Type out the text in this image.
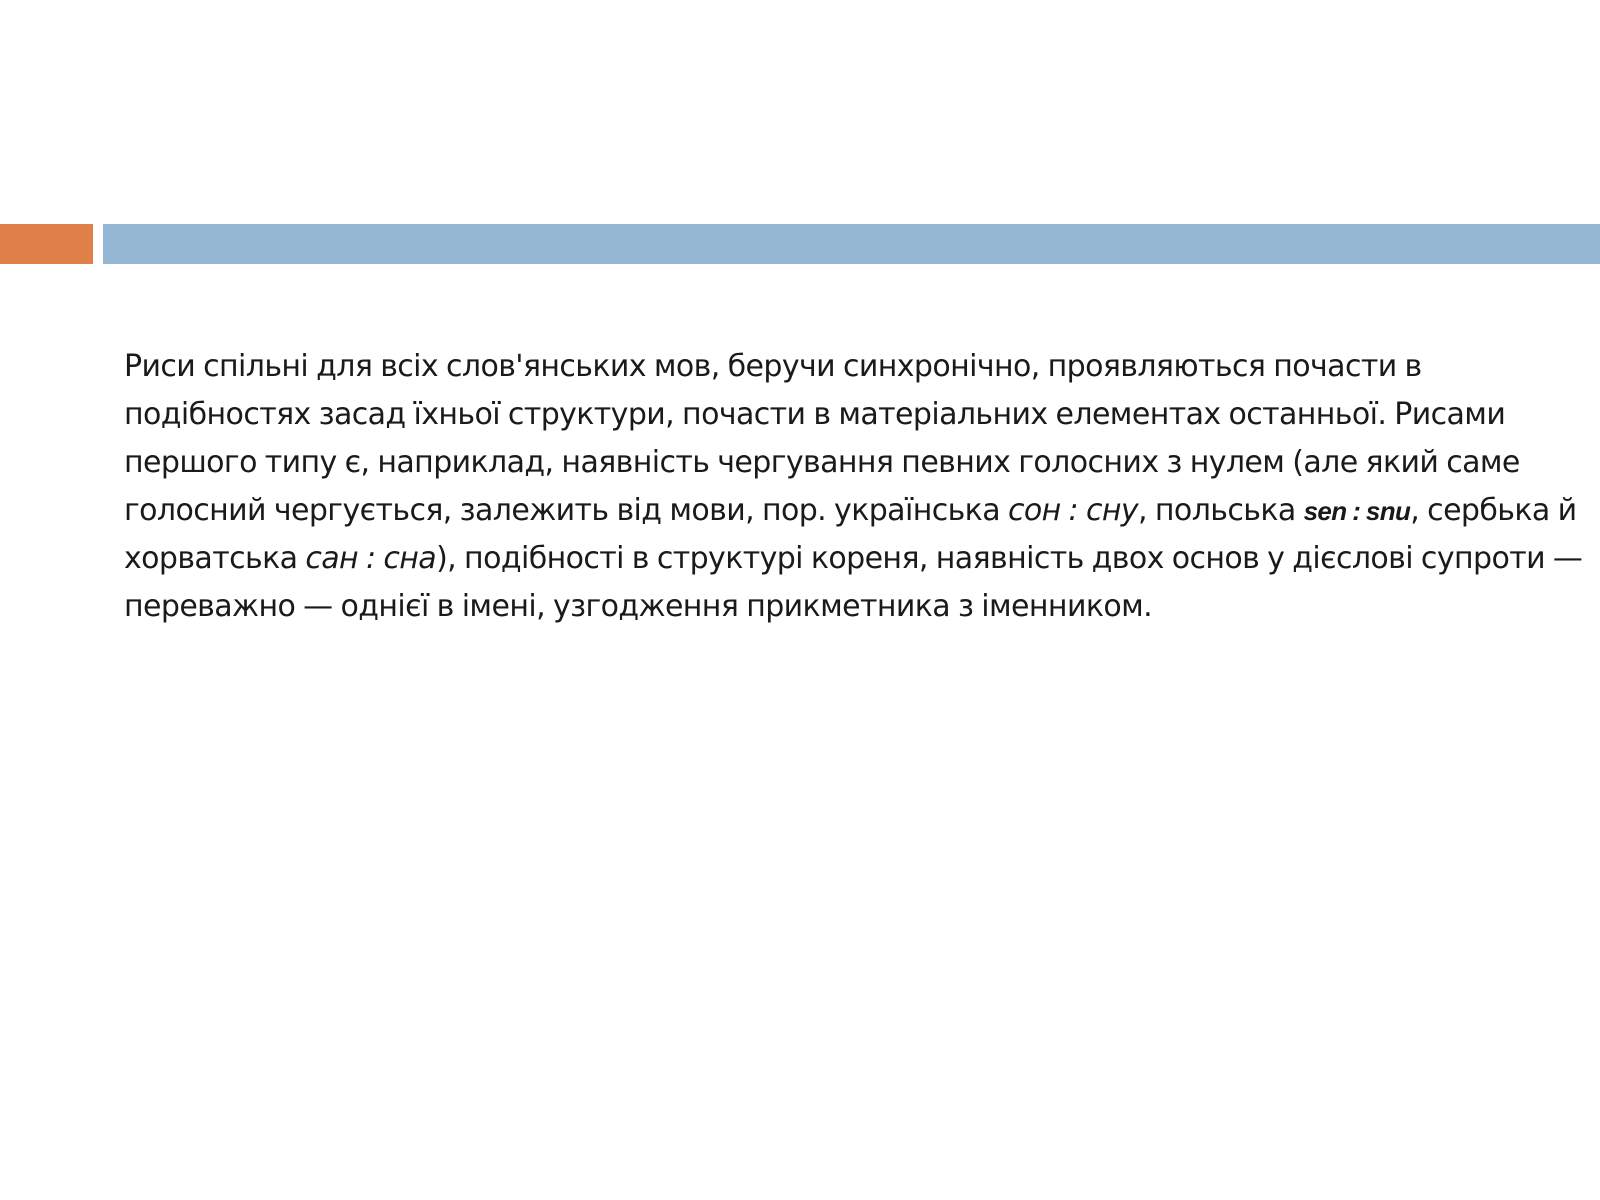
Риси спільні для всіх слов'янських мов, беручи синхронічно, проявляються почасти в подібностях засад їхньої структури, почасти в матеріальних елементах останньої. Рисами першого типу є, наприклад, наявність чергування певних голосних з нулем (але який саме голосний чергується, залежить від мови, пор. українська сон : сну, польська sen : snu, сербька й хорватська сан : сна), подібності в структурі кореня, наявність двох основ у дієслові супроти — переважно — однієї в імені, узгодження прикметника з іменником.
